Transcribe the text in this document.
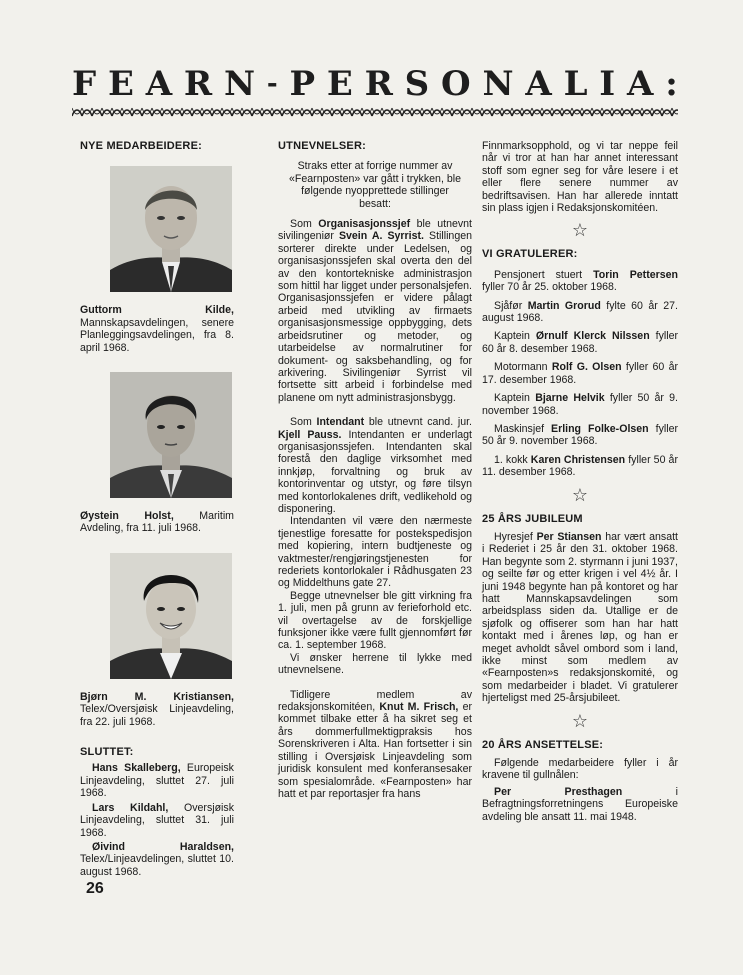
F E A R N - P E R S O N A L I A :
NYE MEDARBEIDERE:
Guttorm Kilde, Mannskapsavdelingen, senere Planleggingsavdelingen, fra 8. april 1968.
Øystein Holst, Maritim Avdeling, fra 11. juli 1968.
Bjørn M. Kristiansen, Telex/Oversjøisk Linjeavdeling, fra 22. juli 1968.
SLUTTET:
Hans Skalleberg, Europeisk Linjeavdeling, sluttet 27. juli 1968.
Lars Kildahl, Oversjøisk Linjeavdeling, sluttet 31. juli 1968.
Øivind Haraldsen, Telex/Linjeavdelingen, sluttet 10. august 1968.
26
UTNEVNELSER:
Straks etter at forrige nummer av «Fearnposten» var gått i trykken, ble følgende nyopprettede stillinger besatt:
Som Organisasjonssjef ble utnevnt sivilingeniør Svein A. Syrrist. Stillingen sorterer direkte under Ledelsen, og organisasjonssjefen skal overta den del av den kontortekniske administrasjon som hittil har ligget under personalsjefen. Organisasjonssjefen er videre pålagt arbeid med utvikling av firmaets organisasjonsmessige oppbygging, dets arbeidsrutiner og metoder, og utarbeidelse av normalrutiner for dokument- og saksbehandling, og for arkivering. Sivilingeniør Syrrist vil fortsette sitt arbeid i forbindelse med planene om nytt administrasjonsbygg.
Som Intendant ble utnevnt cand. jur. Kjell Pauss. Intendanten er underlagt organisasjonssjefen. Intendanten skal forestå den daglige virksomhet med innkjøp, forvaltning og bruk av kontorinventar og utstyr, og føre tilsyn med kontorlokalenes drift, vedlikehold og disponering.
Intendanten vil være den nærmeste tjenestlige foresatte for postekspedisjon med kopiering, intern budtjeneste og vaktmester/rengjøringstjenesten for rederiets kontorlokaler i Rådhusgaten 23 og Middelthuns gate 27.
Begge utnevnelser ble gitt virkning fra 1. juli, men på grunn av ferieforhold etc. vil overtagelse av de forskjellige funksjoner ikke være fullt gjennomført før ca. 1. september 1968.
Vi ønsker herrene til lykke med utnevnelsene.
Tidligere medlem av redaksjonskomitéen, Knut M. Frisch, er kommet tilbake etter å ha sikret seg et års dommerfullmektigpraksis hos Sorenskriveren i Alta. Han fortsetter i sin stilling i Oversjøisk Linjeavdeling som juridisk konsulent med konferansesaker som spesialområde. «Fearnposten» har hatt et par reportasjer fra hans
Finnmarksopphold, og vi tar neppe feil når vi tror at han har annet interessant stoff som egner seg for våre lesere i et eller flere senere nummer av bedriftsavisen. Han har allerede inntatt sin plass igjen i Redaksjonskomitéen.
☆
VI GRATULERER:
Pensjonert stuert Torin Pettersen fyller 70 år 25. oktober 1968.
Sjåfør Martin Grorud fylte 60 år 27. august 1968.
Kaptein Ørnulf Klerck Nilssen fyller 60 år 8. desember 1968.
Motormann Rolf G. Olsen fyller 60 år 17. desember 1968.
Kaptein Bjarne Helvik fyller 50 år 9. november 1968.
Maskinsjef Erling Folke-Olsen fyller 50 år 9. november 1968.
1. kokk Karen Christensen fyller 50 år 11. desember 1968.
☆
25 ÅRS JUBILEUM
Hyresjef Per Stiansen har vært ansatt i Rederiet i 25 år den 31. oktober 1968. Han begynte som 2. styrmann i juni 1937, og seilte før og etter krigen i vel 4½ år. I juni 1948 begynte han på kontoret og har hatt Mannskapsavdelingen som arbeidsplass siden da. Utallige er de sjøfolk og offiserer som han har hatt kontakt med i årenes løp, og han er meget avholdt såvel ombord som i land, ikke minst som medlem av «Fearnposten»s redaksjonskomité, og som medarbeider i bladet. Vi gratulerer hjerteligst med 25-årsjubileet.
☆
20 ÅRS ANSETTELSE:
Følgende medarbeidere fyller i år kravene til gullnålen:
Per Presthagen i Befragtningsforretningens Europeiske avdeling ble ansatt 11. mai 1948.
